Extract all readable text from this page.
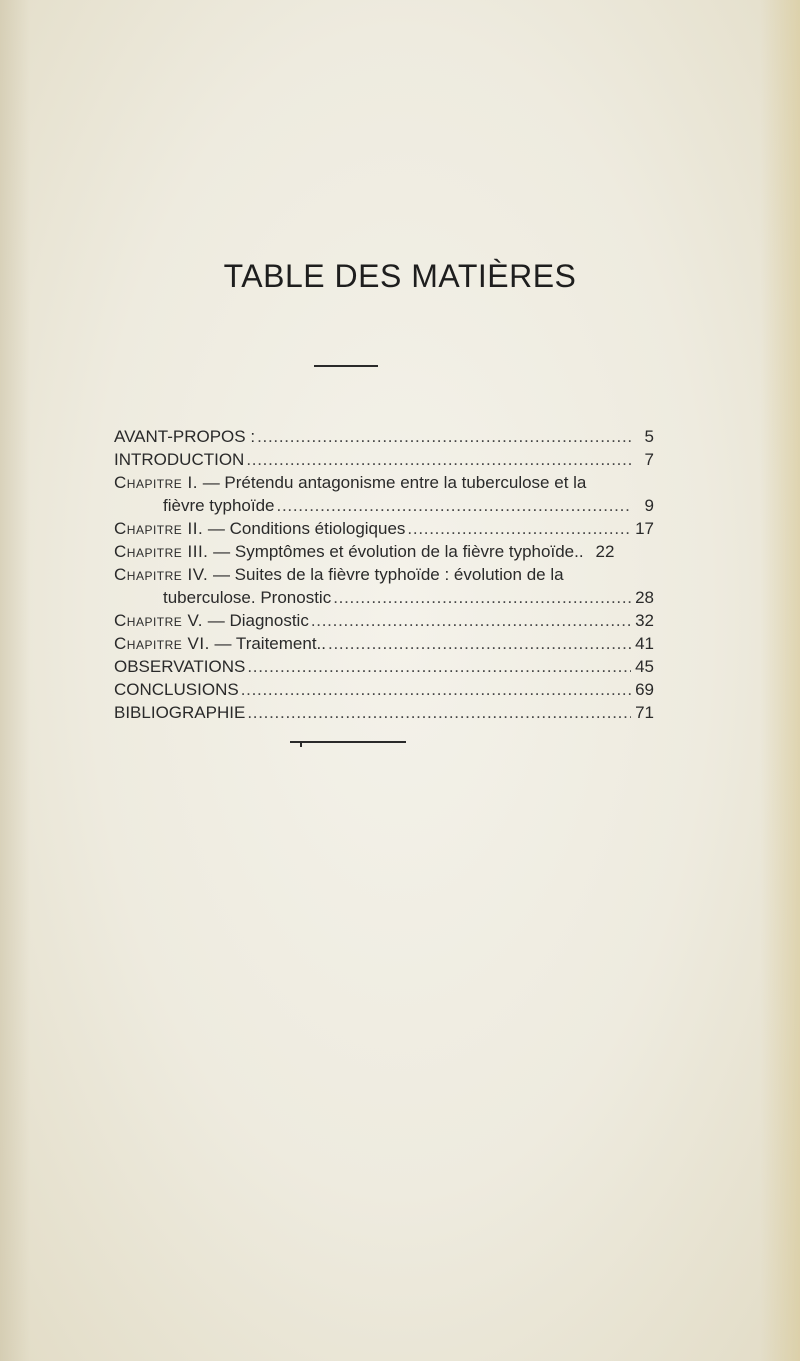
TABLE DES MATIÈRES
AVANT-PROPOS : . . .	5
INTRODUCTION . . .	7
Chapitre I. — Prétendu antagonisme entre la tuberculose et la
fièvre typhoïde . . .	9
Chapitre II. — Conditions étiologiques . . .	17
Chapitre III. — Symptômes et évolution de la fièvre typhoïde.. 22
Chapitre IV. — Suites de la fièvre typhoïde : évolution de la
tuberculose. Pronostic . . .	28
Chapitre V. — Diagnostic . . .	32
Chapitre VI. — Traitement.. . . .	41
OBSERVATIONS . . .	45
CONCLUSIONS . . .	69
BIBLIOGRAPHIE . . .	71
